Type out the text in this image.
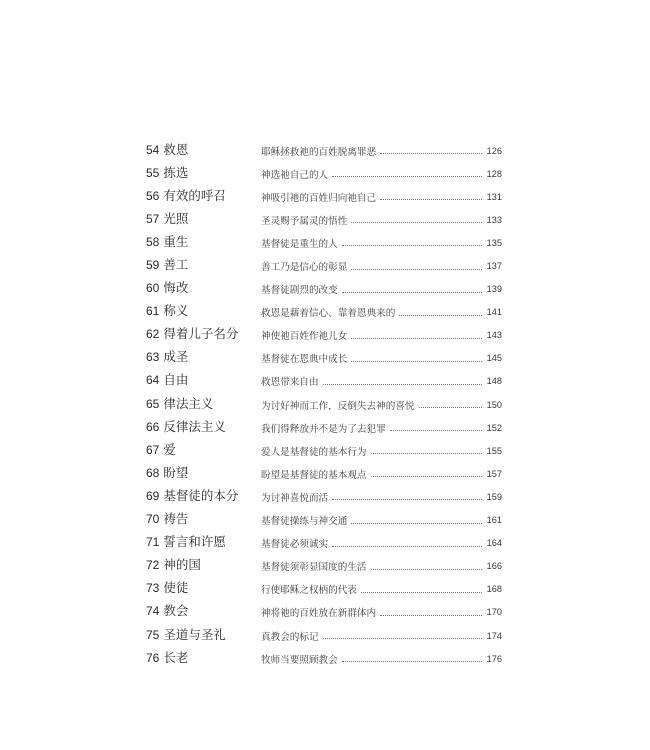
54 救恩	耶稣拯救祂的百姓脱离罪恶	126
55 拣选	神选祂自己的人	128
56 有效的呼召	神吸引祂的百姓归向祂自己	131
57 光照	圣灵赐予属灵的悟性	133
58 重生	基督徒是重生的人	135
59 善工	善工乃是信心的彰显	137
60 悔改	基督徒剧烈的改变	139
61 称义	救恩是藉着信心、靠着恩典来的	141
62 得着儿子名分	神使祂百姓作祂儿女	143
63 成圣	基督徒在恩典中成长	145
64 自由	救恩带来自由	148
65 律法主义	为讨好神而工作，反倒失去神的喜悦	150
66 反律法主义	我们得释放并不是为了去犯罪	152
67 爱	爱人是基督徒的基本行为	155
68 盼望	盼望是基督徒的基本观点	157
69 基督徒的本分	为讨神喜悦而活	159
70 祷告	基督徒操练与神交通	161
71 誓言和许愿	基督徒必须诚实	164
72 神的国	基督徒须彰显国度的生活	166
73 使徒	行使耶稣之权柄的代表	168
74 教会	神将祂的百姓放在新群体内	170
75 圣道与圣礼	真教会的标记	174
76 长老	牧师当要照顾教会	176
